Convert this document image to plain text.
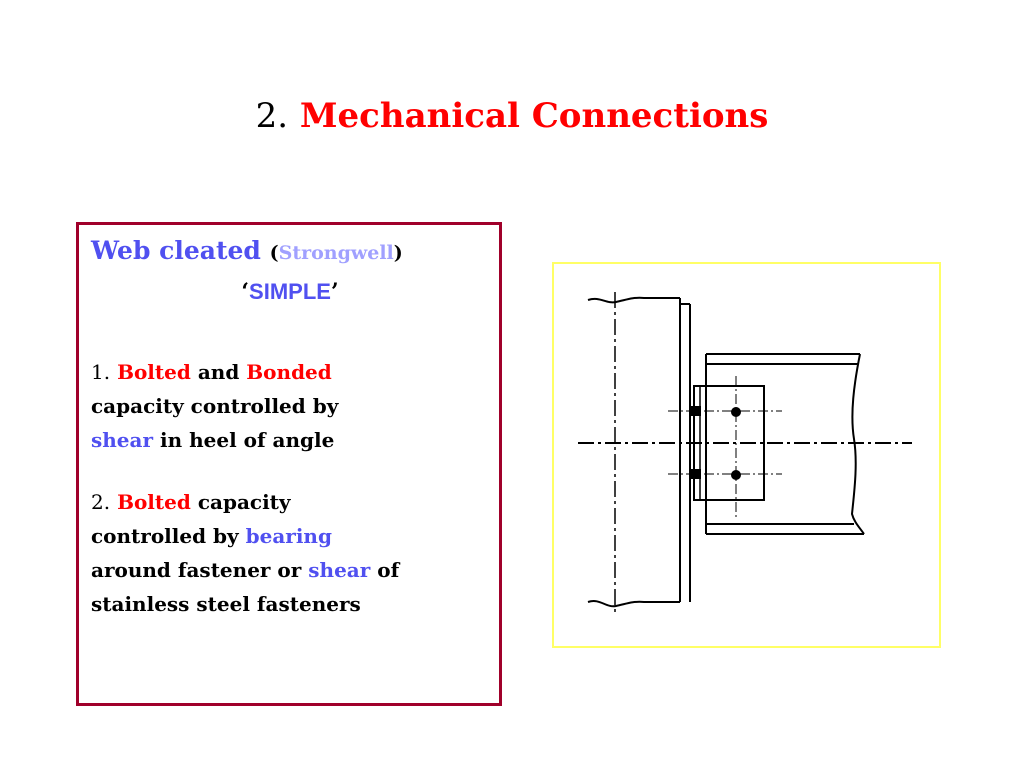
2. Mechanical Connections
Web cleated (Strongwell)
‘SIMPLE’
1. Bolted and Bonded
capacity controlled by
shear in heel of angle
2. Bolted capacity
controlled by bearing
around fastener or shear of
stainless steel fasteners
